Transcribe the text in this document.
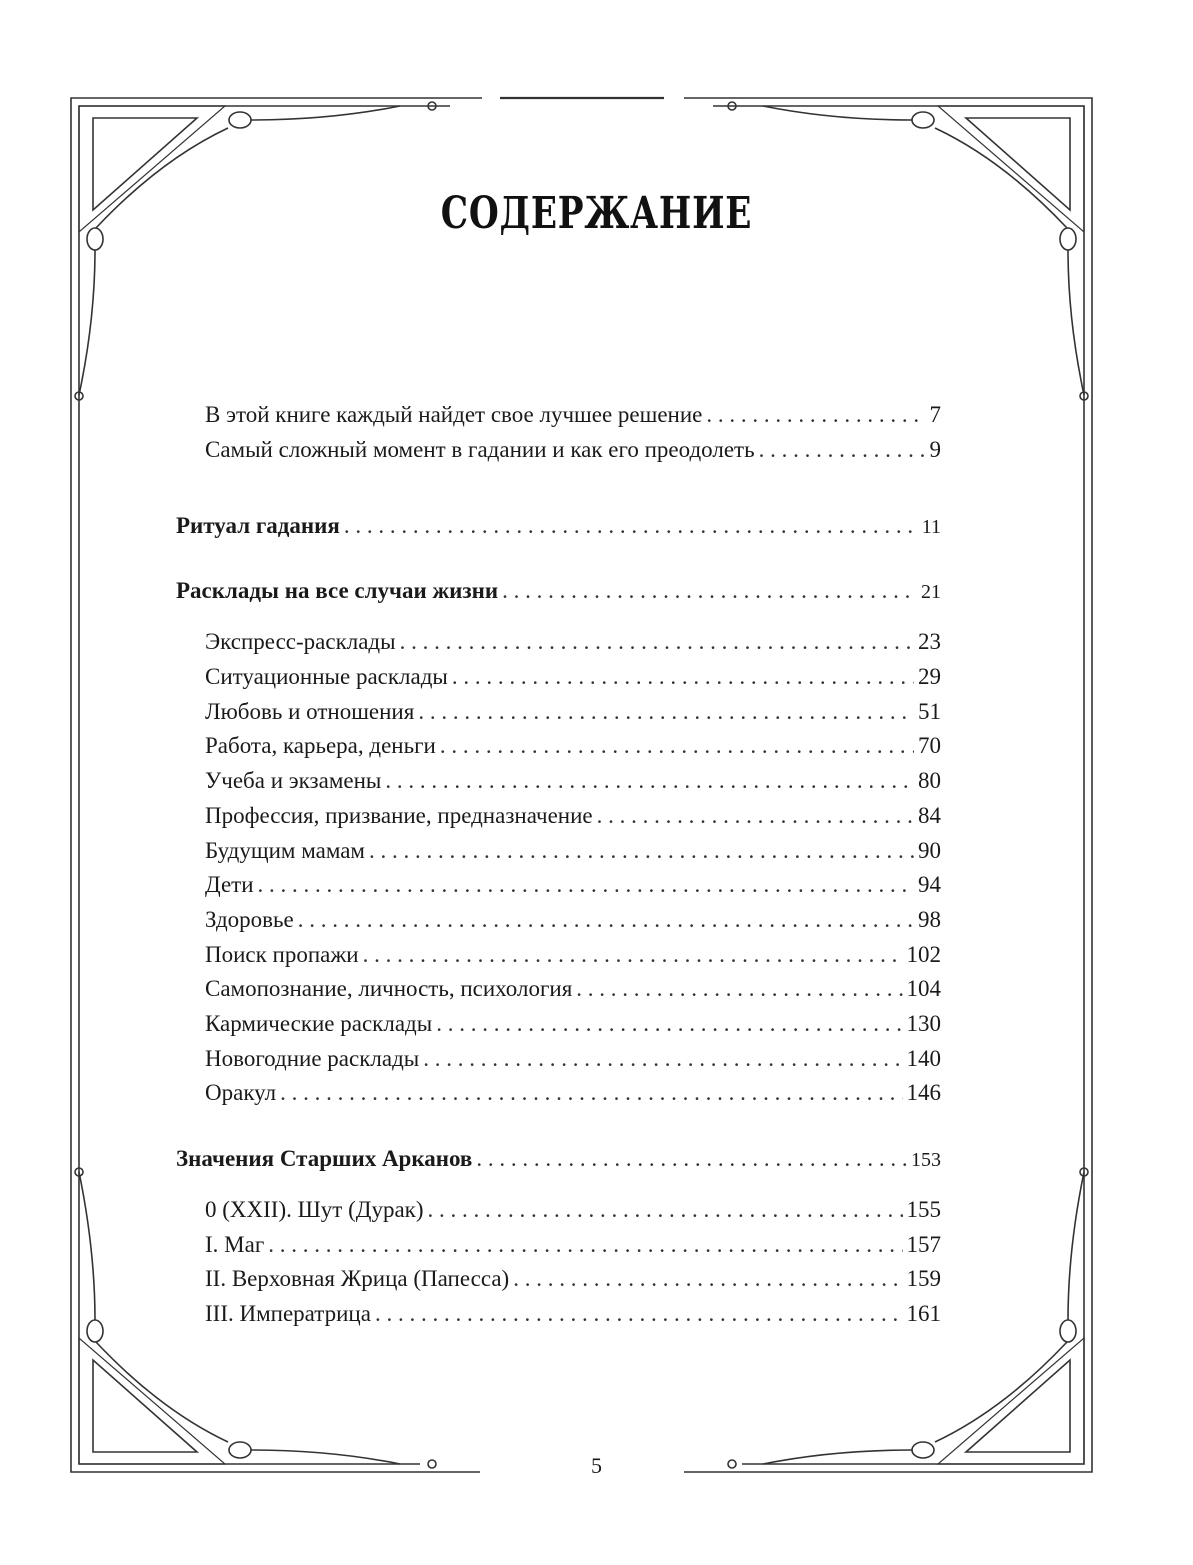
СОДЕРЖАНИЕ
В этой книге каждый найдет свое лучшее решение . . .	7
Самый сложный момент в гадании и как его преодолеть . . .	9
Ритуал гадания . . .	11
Расклады на все случаи жизни . . .	21
Экспресс-расклады . . .	23
Ситуационные расклады . . .	29
Любовь и отношения . . .	51
Работа, карьера, деньги . . .	70
Учеба и экзамены . . .	80
Профессия, призвание, предназначение . . .	84
Будущим мамам . . .	90
Дети . . .	94
Здоровье . . .	98
Поиск пропажи . . .	102
Самопознание, личность, психология . . .	104
Кармические расклады . . .	130
Новогодние расклады . . .	140
Оракул . . .	146
Значения Старших Арканов . . .	153
0 (XXII). Шут (Дурак) . . .	155
I. Маг . . .	157
II. Верховная Жрица (Папесса) . . .	159
III. Императрица . . .	161
5
